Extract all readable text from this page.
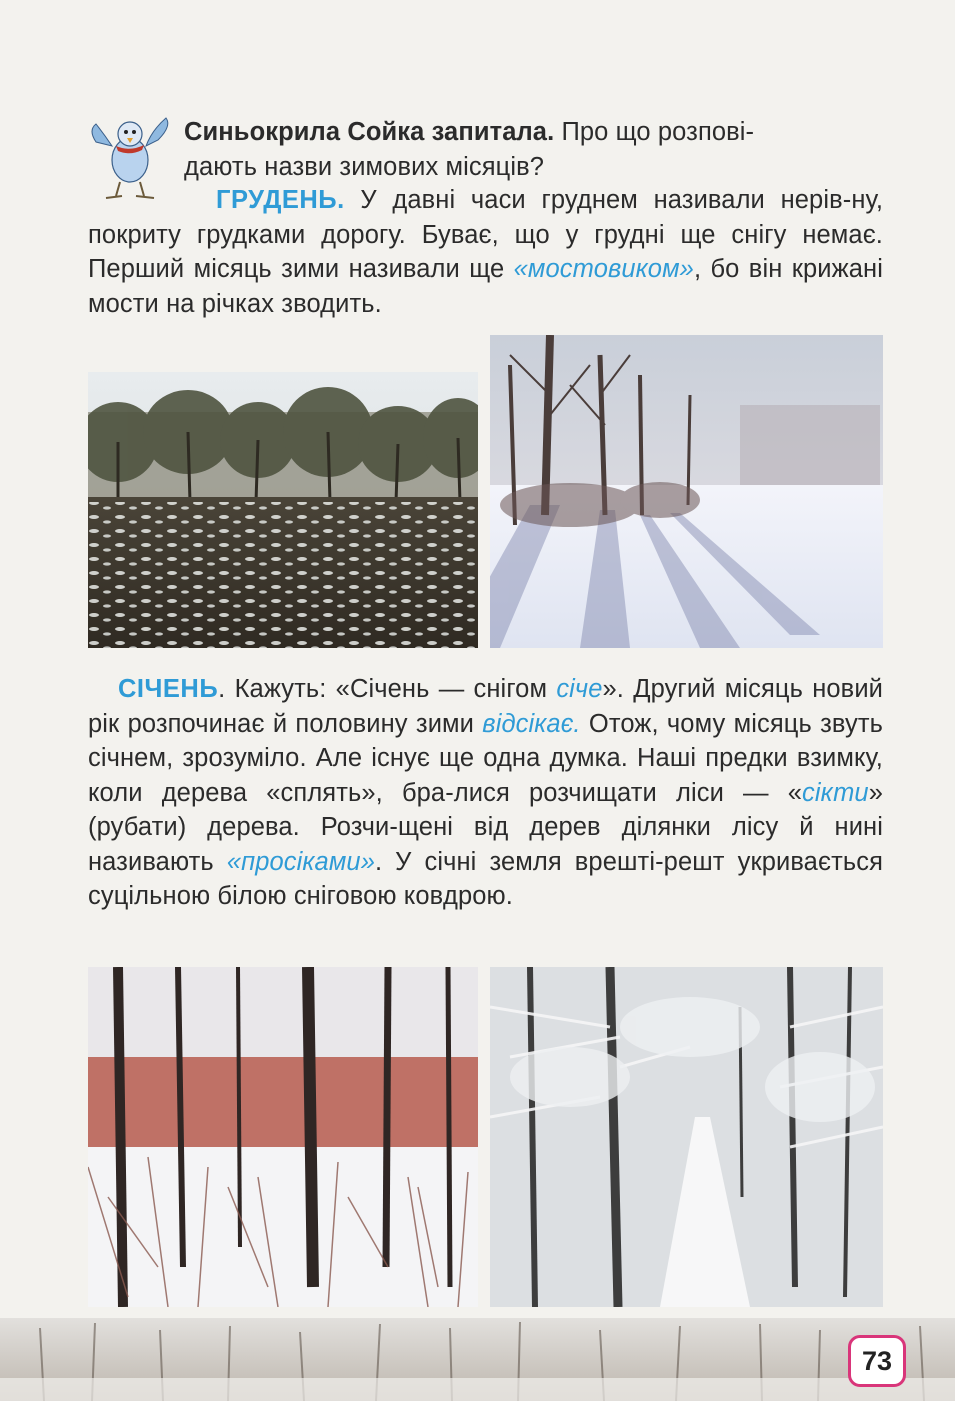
Синьокрила Сойка запитала. Про що розпові-
дають назви зимових місяців?
ГРУДЕНЬ. У давні часи груднем називали нерів-ну, покриту грудками дорогу. Буває, що у грудні ще снігу немає. Перший місяць зими називали ще «мостовиком», бо він крижані мости на річках зводить.
СІЧЕНЬ. Кажуть: «Січень — снігом січе». Другий місяць новий рік розпочинає й половину зими відсікає. Отож, чому місяць звуть січнем, зрозуміло. Але існує ще одна думка. Наші предки взимку, коли дерева «сплять», бра-лися розчищати ліси — «сікти» (рубати) дерева. Розчи-щені від дерев ділянки лісу й нині називають «просіками». У січні земля врешті-решт укривається суцільною білою сніговою ковдрою.
73
